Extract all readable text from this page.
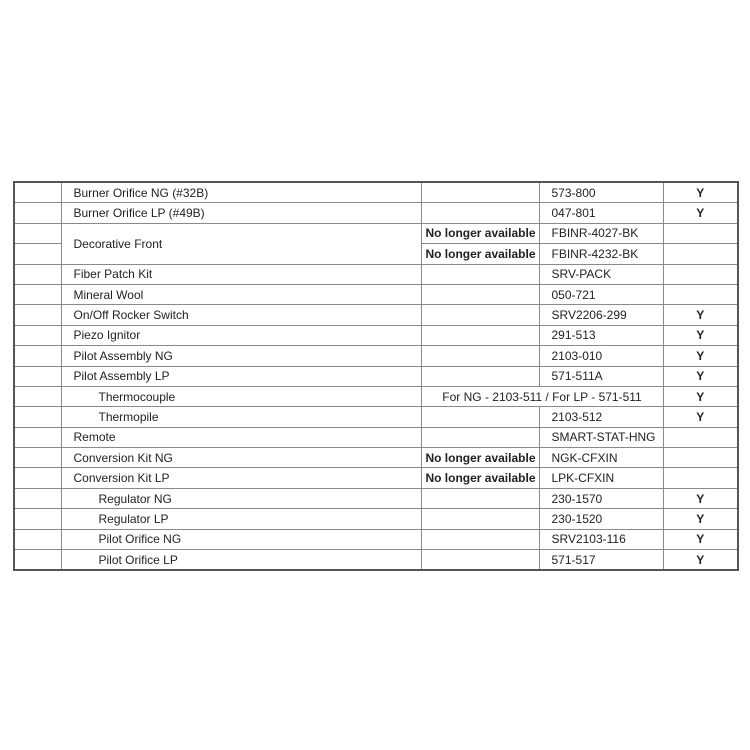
	Burner Orifice NG (#32B)		573-800	Y
	Burner Orifice LP (#49B)		047-801	Y
	Decorative Front	No longer available	FBINR-4027-BK	
		No longer available	FBINR-4232-BK	
	Fiber Patch Kit		SRV-PACK	
	Mineral Wool		050-721	
	On/Off Rocker Switch		SRV2206-299	Y
	Piezo Ignitor		291-513	Y
	Pilot Assembly NG		2103-010	Y
	Pilot Assembly LP		571-511A	Y
	Thermocouple	For NG - 2103-511 / For LP - 571-511		Y
	Thermopile		2103-512	Y
	Remote		SMART-STAT-HNG	
	Conversion Kit NG	No longer available	NGK-CFXIN	
	Conversion Kit LP	No longer available	LPK-CFXIN	
	Regulator NG		230-1570	Y
	Regulator LP		230-1520	Y
	Pilot Orifice NG		SRV2103-116	Y
	Pilot Orifice LP		571-517	Y
